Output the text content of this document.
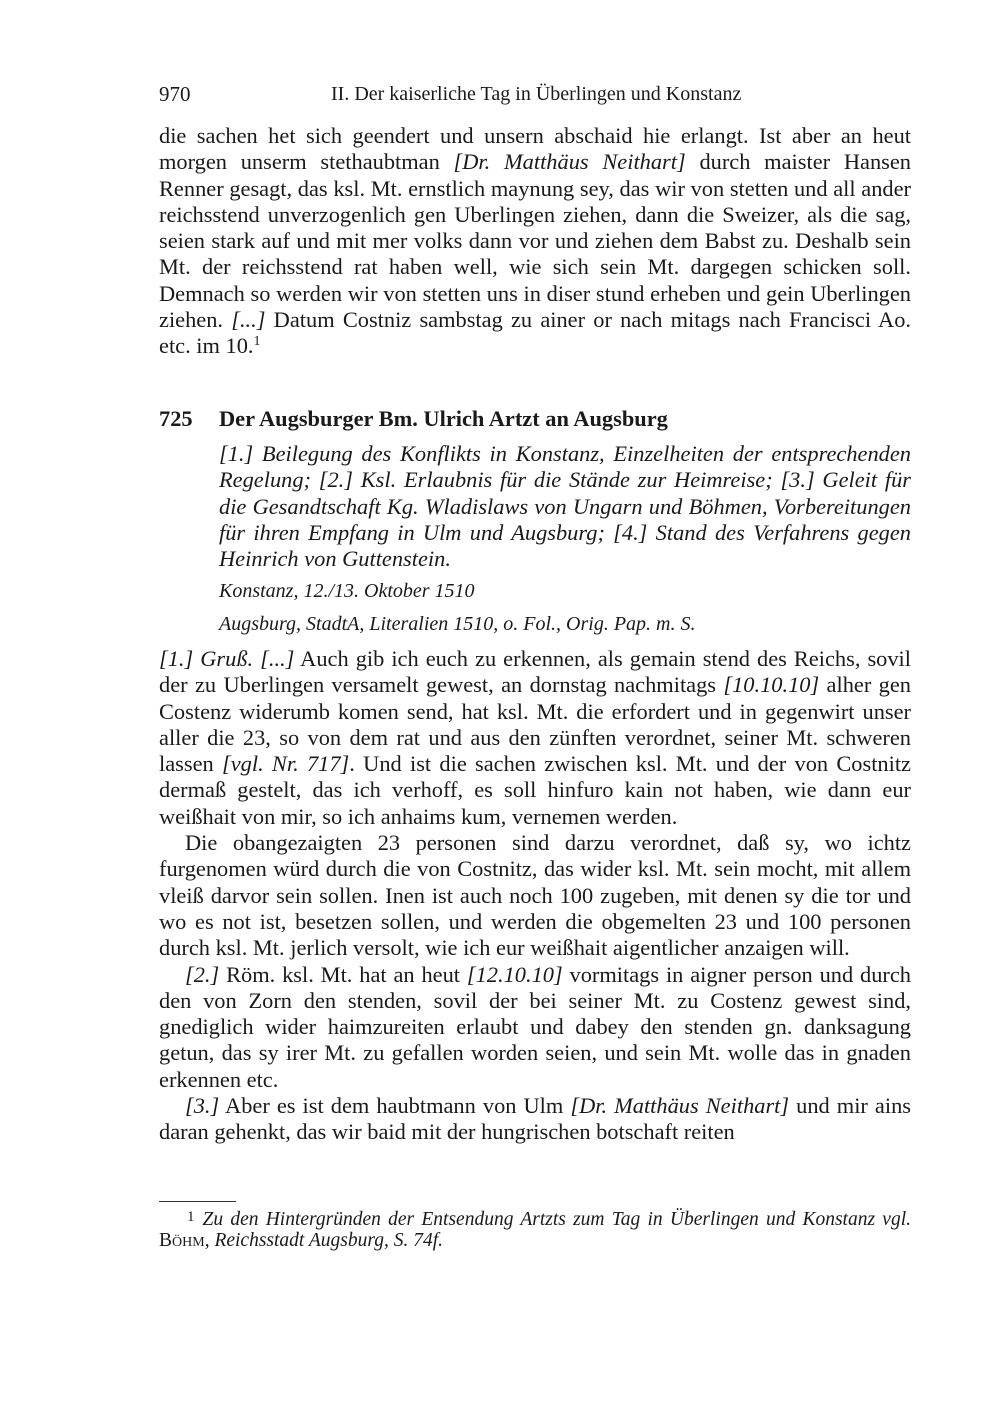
970	II. Der kaiserliche Tag in Überlingen und Konstanz

die sachen het sich geendert und unsern abschaid hie erlangt. Ist aber an heut morgen unserm stethaubtman [Dr. Matthäus Neithart] durch maister Hansen Renner gesagt, das ksl. Mt. ernstlich maynung sey, das wir von stetten und all ander reichsstend unverzogenlich gen Uberlingen ziehen, dann die Sweizer, als die sag, seien stark auf und mit mer volks dann vor und ziehen dem Babst zu. Deshalb sein Mt. der reichsstend rat haben well, wie sich sein Mt. dargegen schicken soll. Demnach so werden wir von stetten uns in diser stund erheben und gein Uberlingen ziehen. [...] Datum Costniz sambstag zu ainer or nach mitags nach Francisci Ao. etc. im 10.$^1$

725 Der Augsburger Bm. Ulrich Artzt an Augsburg
[1.] Beilegung des Konflikts in Konstanz, Einzelheiten der entsprechenden Regelung; [2.] Ksl. Erlaubnis für die Stände zur Heimreise; [3.] Geleit für die Gesandtschaft Kg. Wladislaws von Ungarn und Böhmen, Vorbereitungen für ihren Empfang in Ulm und Augsburg; [4.] Stand des Verfahrens gegen Heinrich von Guttenstein.
Konstanz, 12./13. Oktober 1510
Augsburg, StadtA, Literalien 1510, o. Fol., Orig. Pap. m. S.

[1.] Gruß. [...] Auch gib ich euch zu erkennen, als gemain stend des Reichs, sovil der zu Uberlingen versamelt gewest, an dornstag nachmitags [10.10.10] alher gen Costenz widerumb komen send, hat ksl. Mt. die erfordert und in gegenwirt unser aller die 23, so von dem rat und aus den zünften verordnet, seiner Mt. schweren lassen [vgl. Nr. 717]. Und ist die sachen zwischen ksl. Mt. und der von Costnitz dermaß gestelt, das ich verhoff, es soll hinfuro kain not haben, wie dann eur weißhait von mir, so ich anhaims kum, vernemen werden.

Die obangezaigten 23 personen sind darzu verordnet, daß sy, wo ichtz furgenomen würd durch die von Costnitz, das wider ksl. Mt. sein mocht, mit allem vleiß darvor sein sollen. Inen ist auch noch 100 zugeben, mit denen sy die tor und wo es not ist, besetzen sollen, und werden die obgemelten 23 und 100 personen durch ksl. Mt. jerlich versolt, wie ich eur weißhait aigentlicher anzaigen will.

[2.] Röm. ksl. Mt. hat an heut [12.10.10] vormitags in aigner person und durch den von Zorn den stenden, sovil der bei seiner Mt. zu Costenz gewest sind, gnediglich wider haimzureiten erlaubt und dabey den stenden gn. danksagung getun, das sy irer Mt. zu gefallen worden seien, und sein Mt. wolle das in gnaden erkennen etc.

[3.] Aber es ist dem haubtmann von Ulm [Dr. Matthäus Neithart] und mir ains daran gehenkt, das wir baid mit der hungrischen botschaft reiten

$^1$ Zu den Hintergründen der Entsendung Artzts zum Tag in Überlingen und Konstanz vgl. Böhm, Reichsstadt Augsburg, S. 74f.
